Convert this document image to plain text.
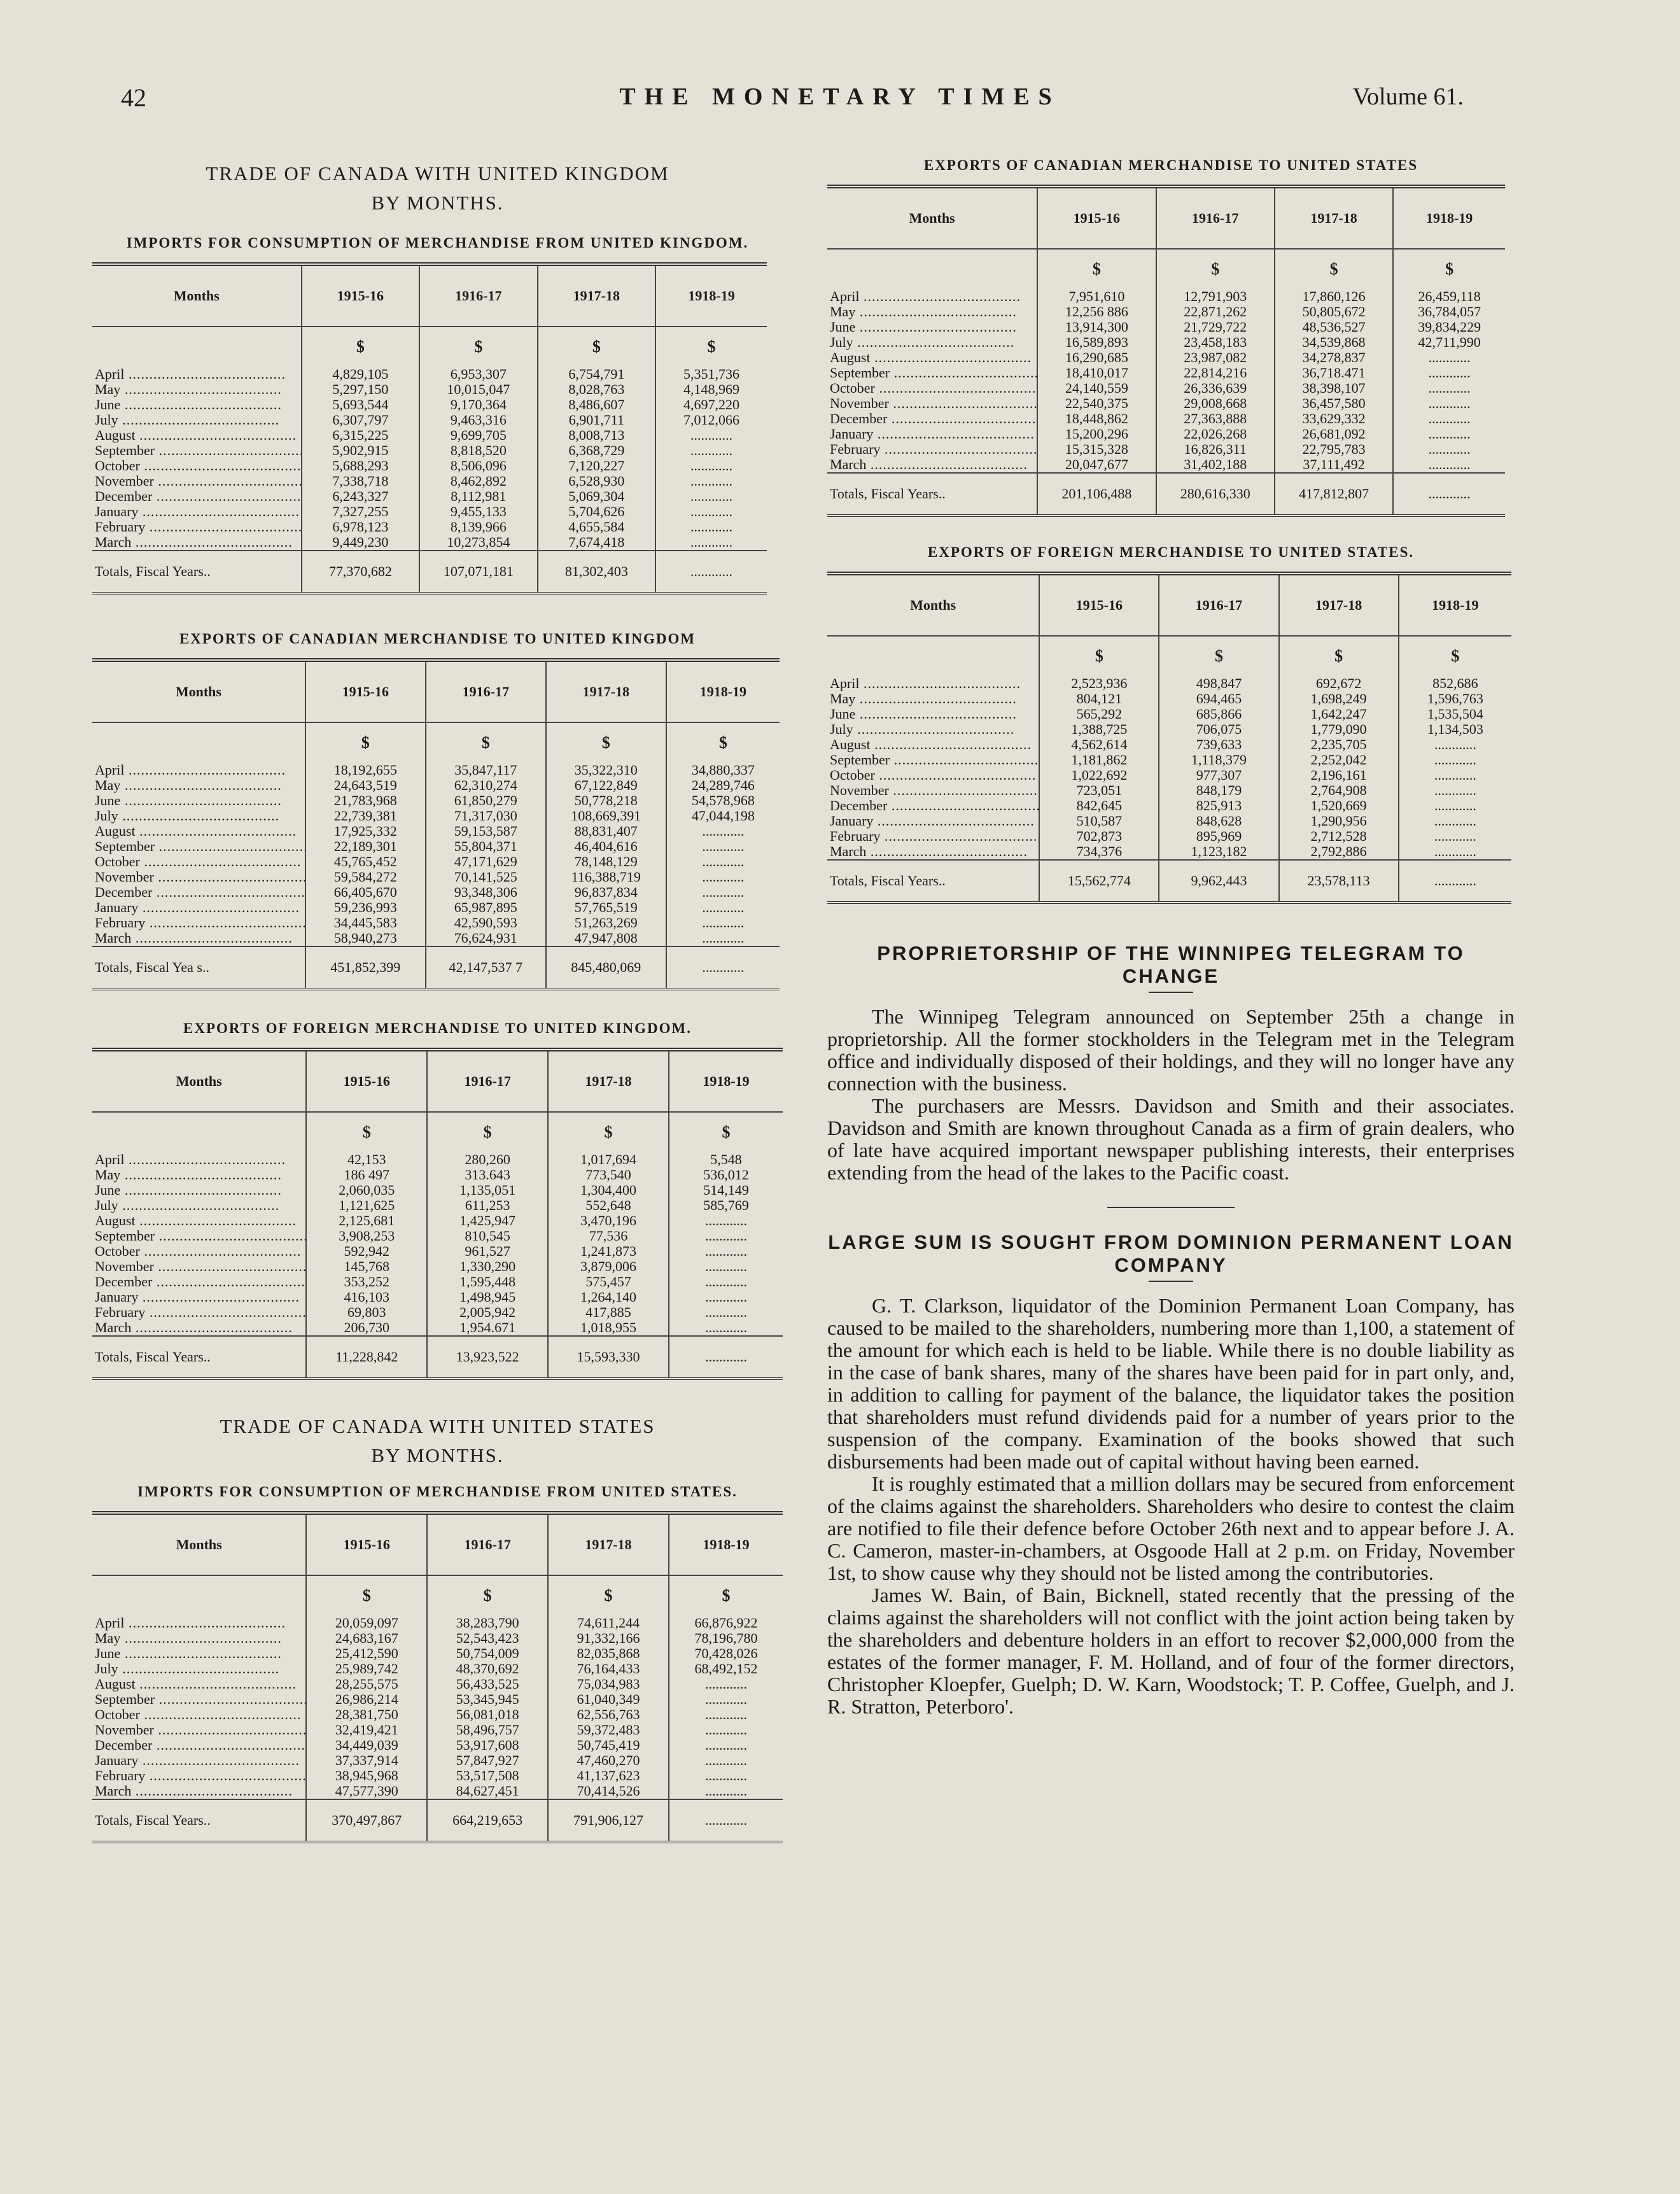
42	THE MONETARY TIMES	Volume 61.
TRADE OF CANADA WITH UNITED KINGDOM
BY MONTHS.
IMPORTS FOR CONSUMPTION OF MERCHANDISE FROM UNITED KINGDOM.
Months	1915-16	1916-17	1917-18	1918-19
	$	$	$	$
April .....	4,829,105	6,953,307	6,754,791	5,351,736
May .....	5,297,150	10,015,047	8,028,763	4,148,969
June .....	5,693,544	9,170,364	8,486,607	4,697,220
July .....	6,307,797	9,463,316	6,901,711	7,012,066
August .....	6,315,225	9,699,705	8,008,713	............
September .....	5,902,915	8,818,520	6,368,729	............
October .....	5,688,293	8,506,096	7,120,227	............
November .....	7,338,718	8,462,892	6,528,930	............
December .....	6,243,327	8,112,981	5,069,304	............
January .....	7,327,255	9,455,133	5,704,626	............
February .....	6,978,123	8,139,966	4,655,584	............
March .....	9,449,230	10,273,854	7,674,418	............
Totals, Fiscal Years..	77,370,682	107,071,181	81,302,403	............
EXPORTS OF CANADIAN MERCHANDISE TO UNITED KINGDOM
Months	1915-16	1916-17	1917-18	1918-19
	$	$	$	$
April .....	18,192,655	35,847,117	35,322,310	34,880,337
May .....	24,643,519	62,310,274	67,122,849	24,289,746
June .....	21,783,968	61,850,279	50,778,218	54,578,968
July .....	22,739,381	71,317,030	108,669,391	47,044,198
August .....	17,925,332	59,153,587	88,831,407	............
September .....	22,189,301	55,804,371	46,404,616	............
October .....	45,765,452	47,171,629	78,148,129	............
November .....	59,584,272	70,141,525	116,388,719	............
December .....	66,405,670	93,348,306	96,837,834	............
January .....	59,236,993	65,987,895	57,765,519	............
February .....	34,445,583	42,590,593	51,263,269	............
March .....	58,940,273	76,624,931	47,947,808	............
Totals, Fiscal Yea s..	451,852,399	42,147,537 7	845,480,069	............
EXPORTS OF FOREIGN MERCHANDISE TO UNITED KINGDOM.
Months	1915-16	1916-17	1917-18	1918-19
	$	$	$	$
April .....	42,153	280,260	1,017,694	5,548
May .....	186 497	313.643	773,540	536,012
June .....	2,060,035	1,135,051	1,304,400	514,149
July .....	1,121,625	611,253	552,648	585,769
August .....	2,125,681	1,425,947	3,470,196	............
September .....	3,908,253	810,545	77,536	............
October .....	592,942	961,527	1,241,873	............
November .....	145,768	1,330,290	3,879,006	............
December .....	353,252	1,595,448	575,457	............
January .....	416,103	1,498,945	1,264,140	............
February .....	69,803	2,005,942	417,885	............
March .....	206,730	1,954.671	1,018,955	............
Totals, Fiscal Years..	11,228,842	13,923,522	15,593,330	............
TRADE OF CANADA WITH UNITED STATES
BY MONTHS.
IMPORTS FOR CONSUMPTION OF MERCHANDISE FROM UNITED STATES.
Months	1915-16	1916-17	1917-18	1918-19
	$	$	$	$
April .....	20,059,097	38,283,790	74,611,244	66,876,922
May .....	24,683,167	52,543,423	91,332,166	78,196,780
June .....	25,412,590	50,754,009	82,035,868	70,428,026
July .....	25,989,742	48,370,692	76,164,433	68,492,152
August .....	28,255,575	56,433,525	75,034,983	............
September .....	26,986,214	53,345,945	61,040,349	............
October .....	28,381,750	56,081,018	62,556,763	............
November .....	32,419,421	58,496,757	59,372,483	............
December .....	34,449,039	53,917,608	50,745,419	............
January .....	37,337,914	57,847,927	47,460,270	............
February .....	38,945,968	53,517,508	41,137,623	............
March .....	47,577,390	84,627,451	70,414,526	............
Totals, Fiscal Years..	370,497,867	664,219,653	791,906,127	............
EXPORTS OF CANADIAN MERCHANDISE TO UNITED STATES
Months	1915-16	1916-17	1917-18	1918-19
	$	$	$	$
April .....	7,951,610	12,791,903	17,860,126	26,459,118
May .....	12,256 886	22,871,262	50,805,672	36,784,057
June .....	13,914,300	21,729,722	48,536,527	39,834,229
July .....	16,589,893	23,458,183	34,539,868	42,711,990
August .....	16,290,685	23,987,082	34,278,837	............
September .....	18,410,017	22,814,216	36,718.471	............
October .....	24,140,559	26,336,639	38,398,107	............
November .....	22,540,375	29,008,668	36,457,580	............
December .....	18,448,862	27,363,888	33,629,332	............
January .....	15,200,296	22,026,268	26,681,092	............
February .....	15,315,328	16,826,311	22,795,783	............
March .....	20,047,677	31,402,188	37,111,492	............
Totals, Fiscal Years..	201,106,488	280,616,330	417,812,807	............
EXPORTS OF FOREIGN MERCHANDISE TO UNITED STATES.
Months	1915-16	1916-17	1917-18	1918-19
	$	$	$	$
April .....	2,523,936	498,847	692,672	852,686
May .....	804,121	694,465	1,698,249	1,596,763
June .....	565,292	685,866	1,642,247	1,535,504
July .....	1,388,725	706,075	1,779,090	1,134,503
August .....	4,562,614	739,633	2,235,705	............
September .....	1,181,862	1,118,379	2,252,042	............
October .....	1,022,692	977,307	2,196,161	............
November .....	723,051	848,179	2,764,908	............
December .....	842,645	825,913	1,520,669	............
January .....	510,587	848,628	1,290,956	............
February .....	702,873	895,969	2,712,528	............
March .....	734,376	1,123,182	2,792,886	............
Totals, Fiscal Years..	15,562,774	9,962,443	23,578,113	............
PROPRIETORSHIP OF THE WINNIPEG TELEGRAM TO CHANGE

The Winnipeg Telegram announced on September 25th a change in proprietorship. All the former stockholders in the Telegram met in the Telegram office and individually disposed of their holdings, and they will no longer have any connection with the business.

The purchasers are Messrs. Davidson and Smith and their associates. Davidson and Smith are known throughout Canada as a firm of grain dealers, who of late have acquired important newspaper publishing interests, their enterprises extending from the head of the lakes to the Pacific coast.

LARGE SUM IS SOUGHT FROM DOMINION PERMANENT LOAN COMPANY

G. T. Clarkson, liquidator of the Dominion Permanent Loan Company, has caused to be mailed to the shareholders, numbering more than 1,100, a statement of the amount for which each is held to be liable. While there is no double liability as in the case of bank shares, many of the shares have been paid for in part only, and, in addition to calling for payment of the balance, the liquidator takes the position that shareholders must refund dividends paid for a number of years prior to the suspension of the company. Examination of the books showed that such disbursements had been made out of capital without having been earned.

It is roughly estimated that a million dollars may be secured from enforcement of the claims against the shareholders. Shareholders who desire to contest the claim are notified to file their defence before October 26th next and to appear before J. A. C. Cameron, master-in-chambers, at Osgoode Hall at 2 p.m. on Friday, November 1st, to show cause why they should not be listed among the contributories.

James W. Bain, of Bain, Bicknell, stated recently that the pressing of the claims against the shareholders will not conflict with the joint action being taken by the shareholders and debenture holders in an effort to recover $2,000,000 from the estates of the former manager, F. M. Holland, and of four of the former directors, Christopher Kloepfer, Guelph; D. W. Karn, Woodstock; T. P. Coffee, Guelph, and J. R. Stratton, Peterboro'.
